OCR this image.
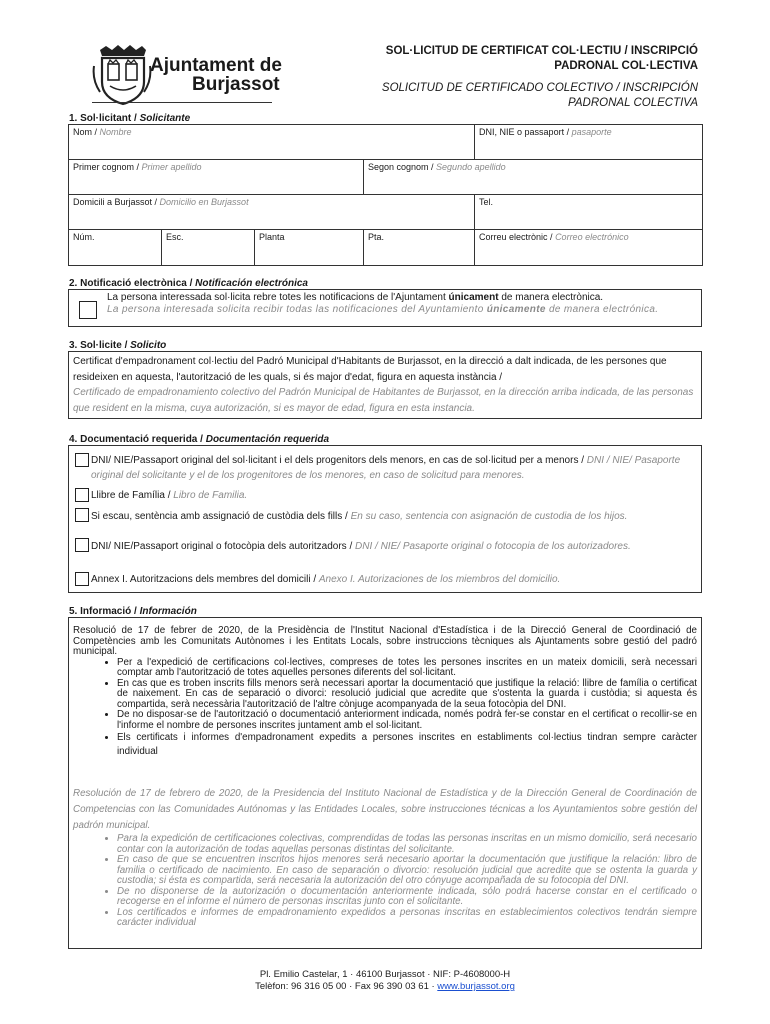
Ajuntament de
Burjassot
SOL·LICITUD DE CERTIFICAT COL·LECTIU / INSCRIPCIÓ
PADRONAL COL·LECTIVA
SOLICITUD DE CERTIFICADO COLECTIVO / INSCRIPCIÓN
PADRONAL COLECTIVA
1. Sol·licitant / Solicitante
Nom / Nombre				DNI, NIE o passaport / pasaporte
Primer cognom / Primer apellido			Segon cognom / Segundo apellido	
Domicili a Burjassot / Domicilio en Burjassot				Tel.
Núm.	Esc.	Planta	Pta.	Correu electrònic / Correo electrónico
2. Notificació electrònica / Notificación electrónica
La persona interessada sol·licita rebre totes les notificacions de l'Ajuntament únicament de manera electrònica.
La persona interesada solicita recibir todas las notificaciones del Ayuntamiento únicamente de manera electrónica.
3. Sol·licite / Solicito
Certificat d'empadronament col·lectiu del Padró Municipal d'Habitants de Burjassot, en la direcció a dalt indicada, de les persones que resideixen en aquesta, l'autorització de les quals, si és major d'edat, figura en aquesta instància /
Certificado de empadronamiento colectivo del Padrón Municipal de Habitantes de Burjassot, en la dirección arriba indicada, de las personas que resident en la misma, cuya autorización, si es mayor de edad, figura en esta instancia.
4. Documentació requerida / Documentación requerida
DNI/ NIE/Passaport original del sol·licitant i el dels progenitors dels menors, en cas de sol·licitud per a menors / DNI / NIE/ Pasaporte original del solicitante y el de los progenitores de los menores, en caso de solicitud para menores.
Llibre de Família / Libro de Familia.
Si escau, sentència amb assignació de custòdia dels fills / En su caso, sentencia con asignación de custodia de los hijos.
DNI/ NIE/Passaport original o fotocòpia dels autoritzadors / DNI / NIE/ Pasaporte original o fotocopia de los autorizadores.
Annex I. Autoritzacions dels membres del domicili / Anexo I. Autorizaciones de los miembros del domicilio.
5. Informació / Información
Resolució de 17 de febrer de 2020, de la Presidència de l'Institut Nacional d'Estadística i de la Direcció General de Coordinació de Competències amb les Comunitats Autònomes i les Entitats Locals, sobre instruccions tècniques als Ajuntaments sobre gestió del padró municipal.
• Per a l'expedició de certificacions col·lectives, compreses de totes les persones inscrites en un mateix domicili, serà necessari comptar amb l'autorització de totes aquelles persones diferents del sol·licitant.
• En cas que es troben inscrits fills menors serà necessari aportar la documentació que justifique la relació: llibre de família o certificat de naixement. En cas de separació o divorci: resolució judicial que acredite que s'ostenta la guarda i custòdia; si aquesta és compartida, serà necessària l'autorització de l'altre cònjuge acompanyada de la seua fotocòpia del DNI.
• De no disposar-se de l'autorització o documentació anteriorment indicada, només podrà fer-se constar en el certificat o recollir-se en l'informe el nombre de persones inscrites juntament amb el sol·licitant.
• Els certificats i informes d'empadronament expedits a persones inscrites en establiments col·lectius tindran sempre caràcter individual
Resolución de 17 de febrero de 2020, de la Presidencia del Instituto Nacional de Estadística y de la Dirección General de Coordinación de Competencias con las Comunidades Autónomas y las Entidades Locales, sobre instrucciones técnicas a los Ayuntamientos sobre gestión del padrón municipal.
• Para la expedición de certificaciones colectivas, comprendidas de todas las personas inscritas en un mismo domicilio, será necesario contar con la autorización de todas aquellas personas distintas del solicitante.
• En caso de que se encuentren inscritos hijos menores será necesario aportar la documentación que justifique la relación: libro de familia o certificado de nacimiento. En caso de separación o divorcio: resolución judicial que acredite que se ostenta la guarda y custodia; si ésta es compartida, será necesaria la autorización del otro cónyuge acompañada de su fotocopia del DNI.
• De no disponerse de la autorización o documentación anteriormente indicada, sólo podrá hacerse constar en el certificado o recogerse en el informe el número de personas inscritas junto con el solicitante.
• Los certificados e informes de empadronamiento expedidos a personas inscritas en establecimientos colectivos tendrán siempre carácter individual
Pl. Emilio Castelar, 1 · 46100 Burjassot · NIF: P-4608000-H
Telèfon: 96 316 05 00 · Fax 96 390 03 61 · www.burjassot.org
